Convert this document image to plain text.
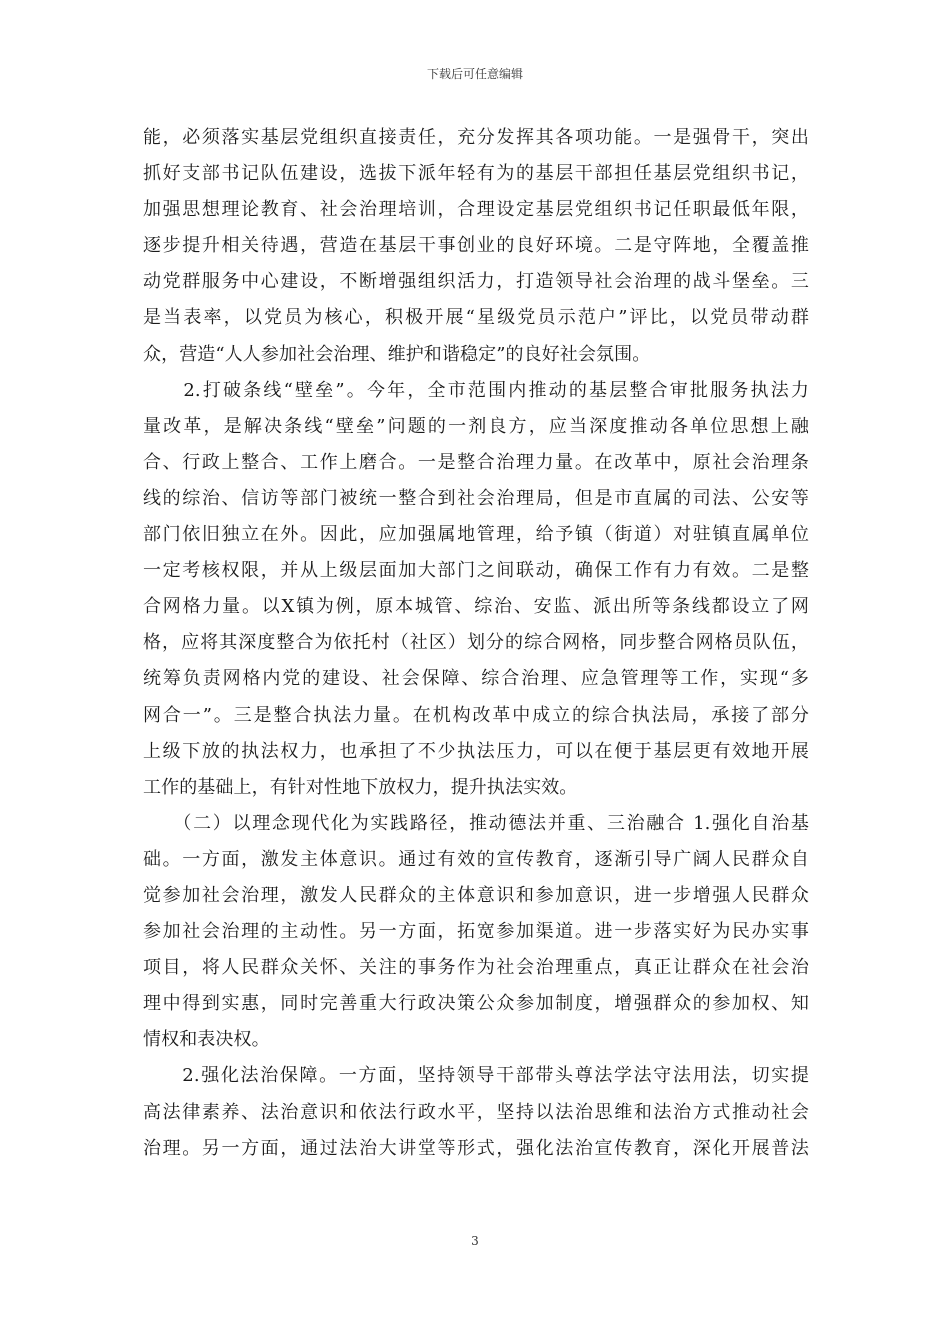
下载后可任意编辑
能，必须落实基层党组织直接责任，充分发挥其各项功能。一是强骨干，突出
抓好支部书记队伍建设，选拔下派年轻有为的基层干部担任基层党组织书记，
加强思想理论教育、社会治理培训，合理设定基层党组织书记任职最低年限，
逐步提升相关待遇，营造在基层干事创业的良好环境。二是守阵地，全覆盖推
动党群服务中心建设，不断增强组织活力，打造领导社会治理的战斗堡垒。三
是当表率，以党员为核心，积极开展“星级党员示范户”评比，以党员带动群
众，营造“人人参加社会治理、维护和谐稳定”的良好社会氛围。
　　2.打破条线“壁垒”。今年，全市范围内推动的基层整合审批服务执法力
量改革，是解决条线“壁垒”问题的一剂良方，应当深度推动各单位思想上融
合、行政上整合、工作上磨合。一是整合治理力量。在改革中，原社会治理条
线的综治、信访等部门被统一整合到社会治理局，但是市直属的司法、公安等
部门依旧独立在外。因此，应加强属地管理，给予镇（街道）对驻镇直属单位
一定考核权限，并从上级层面加大部门之间联动，确保工作有力有效。二是整
合网格力量。以X镇为例，原本城管、综治、安监、派出所等条线都设立了网
格，应将其深度整合为依托村（社区）划分的综合网格，同步整合网格员队伍，
统筹负责网格内党的建设、社会保障、综合治理、应急管理等工作，实现“多
网合一”。三是整合执法力量。在机构改革中成立的综合执法局，承接了部分
上级下放的执法权力，也承担了不少执法压力，可以在便于基层更有效地开展
工作的基础上，有针对性地下放权力，提升执法实效。
　　（二）以理念现代化为实践路径，推动德法并重、三治融合 1.强化自治基
础。一方面，激发主体意识。通过有效的宣传教育，逐渐引导广阔人民群众自
觉参加社会治理，激发人民群众的主体意识和参加意识，进一步增强人民群众
参加社会治理的主动性。另一方面，拓宽参加渠道。进一步落实好为民办实事
项目，将人民群众关怀、关注的事务作为社会治理重点，真正让群众在社会治
理中得到实惠，同时完善重大行政决策公众参加制度，增强群众的参加权、知
情权和表决权。
　　2.强化法治保障。一方面，坚持领导干部带头尊法学法守法用法，切实提
高法律素养、法治意识和依法行政水平，坚持以法治思维和法治方式推动社会
治理。另一方面，通过法治大讲堂等形式，强化法治宣传教育，深化开展普法
3
